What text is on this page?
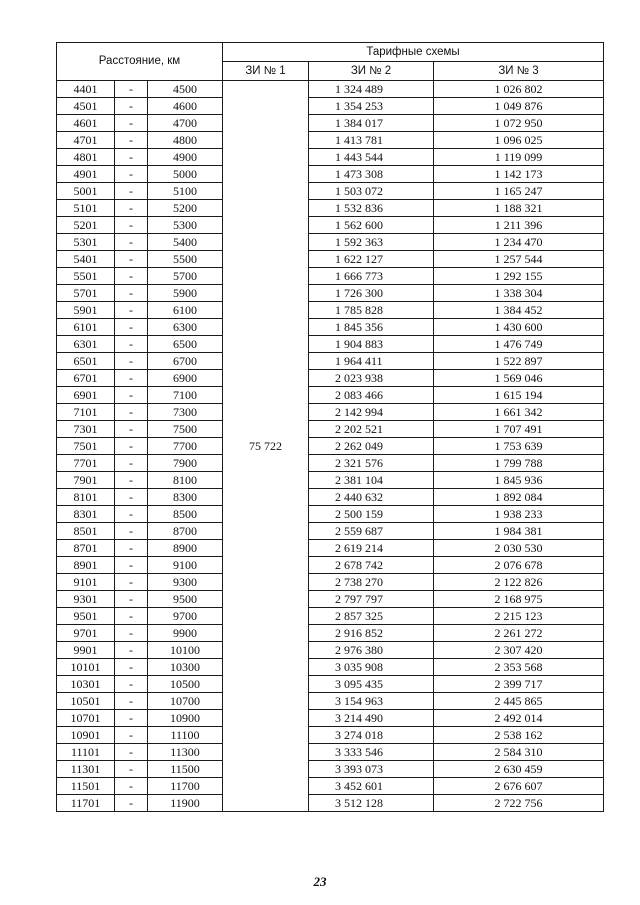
Расстояние, км			Тарифные схемы		
			ЗИ № 1	ЗИ № 2	ЗИ № 3
4401	-	4500	75 722	1 324 489	1 026 802
4501	-	4600		1 354 253	1 049 876
4601	-	4700		1 384 017	1 072 950
4701	-	4800		1 413 781	1 096 025
4801	-	4900		1 443 544	1 119 099
4901	-	5000		1 473 308	1 142 173
5001	-	5100		1 503 072	1 165 247
5101	-	5200		1 532 836	1 188 321
5201	-	5300		1 562 600	1 211 396
5301	-	5400		1 592 363	1 234 470
5401	-	5500		1 622 127	1 257 544
5501	-	5700		1 666 773	1 292 155
5701	-	5900		1 726 300	1 338 304
5901	-	6100		1 785 828	1 384 452
6101	-	6300		1 845 356	1 430 600
6301	-	6500		1 904 883	1 476 749
6501	-	6700		1 964 411	1 522 897
6701	-	6900		2 023 938	1 569 046
6901	-	7100		2 083 466	1 615 194
7101	-	7300		2 142 994	1 661 342
7301	-	7500		2 202 521	1 707 491
7501	-	7700		2 262 049	1 753 639
7701	-	7900		2 321 576	1 799 788
7901	-	8100		2 381 104	1 845 936
8101	-	8300		2 440 632	1 892 084
8301	-	8500		2 500 159	1 938 233
8501	-	8700		2 559 687	1 984 381
8701	-	8900		2 619 214	2 030 530
8901	-	9100		2 678 742	2 076 678
9101	-	9300		2 738 270	2 122 826
9301	-	9500		2 797 797	2 168 975
9501	-	9700		2 857 325	2 215 123
9701	-	9900		2 916 852	2 261 272
9901	-	10100		2 976 380	2 307 420
10101	-	10300		3 035 908	2 353 568
10301	-	10500		3 095 435	2 399 717
10501	-	10700		3 154 963	2 445 865
10701	-	10900		3 214 490	2 492 014
10901	-	11100		3 274 018	2 538 162
11101	-	11300		3 333 546	2 584 310
11301	-	11500		3 393 073	2 630 459
11501	-	11700		3 452 601	2 676 607
11701	-	11900		3 512 128	2 722 756
23
